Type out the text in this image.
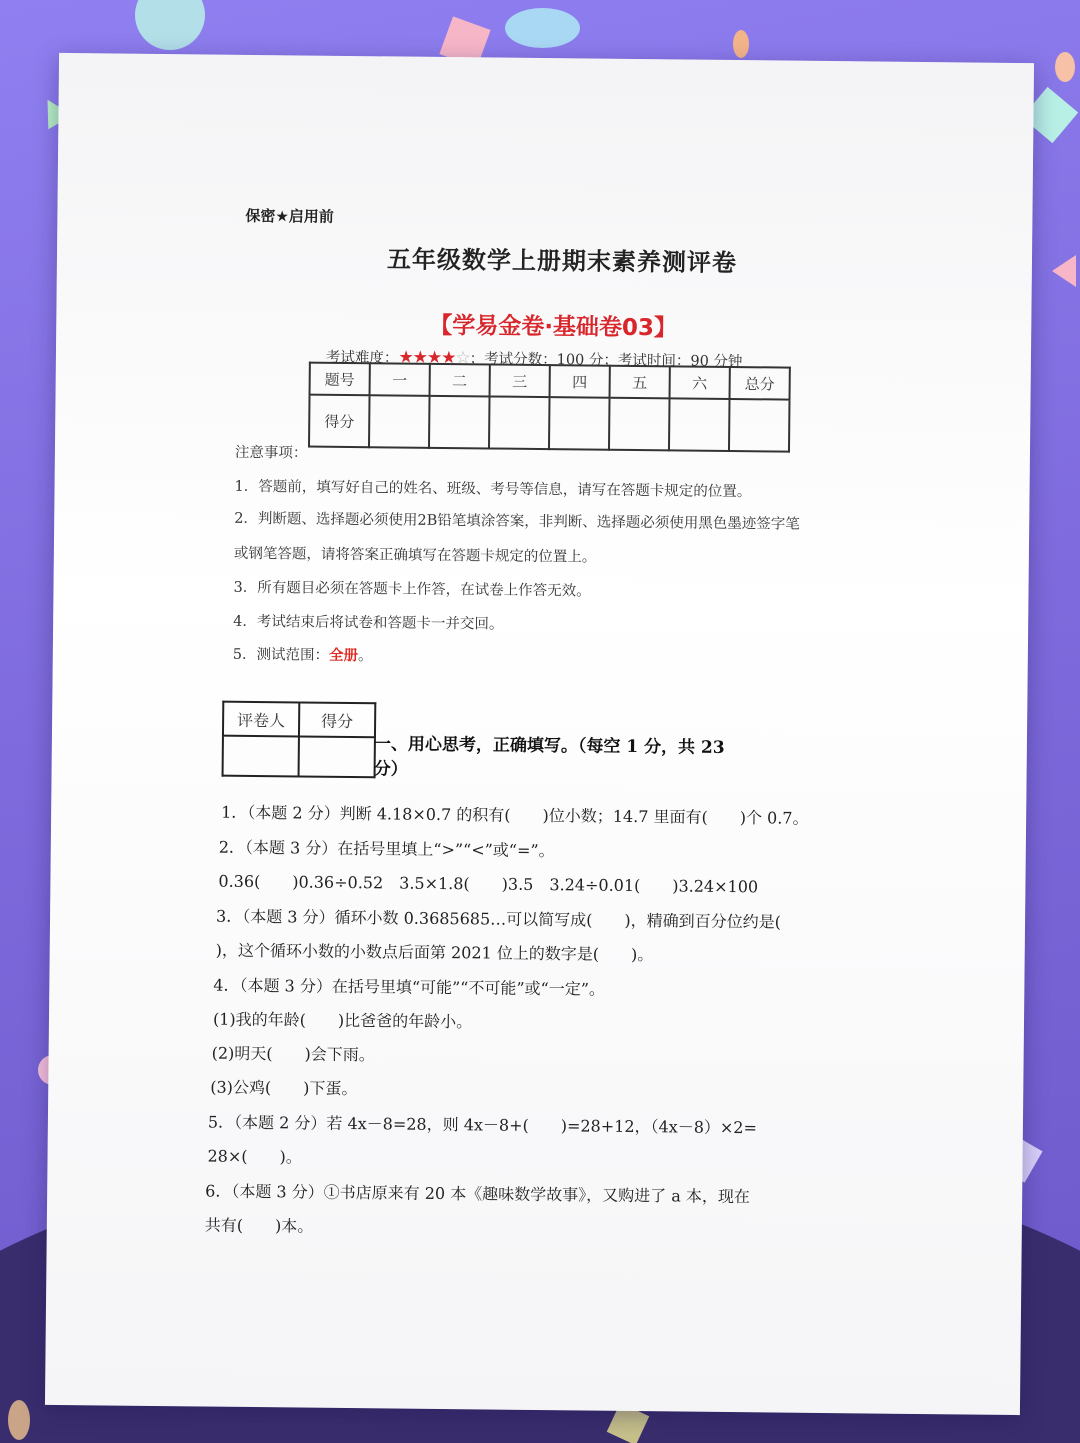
保密★启用前
五年级数学上册期末素养测评卷
【学易金卷·基础卷03】
考试难度：★★★★☆；考试分数：100 分；考试时间：90 分钟
题号	一	二	三	四	五	六	总分
得分							
注意事项：
1．答题前，填写好自己的姓名、班级、考号等信息，请写在答题卡规定的位置。
2．判断题、选择题必须使用2B铅笔填涂答案，非判断、选择题必须使用黑色墨迹签字笔
或钢笔答题，请将答案正确填写在答题卡规定的位置上。
3．所有题目必须在答题卡上作答，在试卷上作答无效。
4．考试结束后将试卷和答题卡一并交回。
5．测试范围：全册。
评卷人	得分

一、用心思考，正确填写。（每空 1 分，共 23 分）
1．（本题 2 分）判断 4.18×0.7 的积有(　　)位小数；14.7 里面有(　　)个 0.7。
2．（本题 3 分）在括号里填上“>”“<”或“=”。
0.36(　　)0.36÷0.52　3.5×1.8(　　)3.5　3.24÷0.01(　　)3.24×100
3．（本题 3 分）循环小数 0.3685685…可以简写成(　　)，精确到百分位约是(
)，这个循环小数的小数点后面第 2021 位上的数字是(　　)。
4．（本题 3 分）在括号里填“可能”“不可能”或“一定”。
(1)我的年龄(　　)比爸爸的年龄小。
(2)明天(　　)会下雨。
(3)公鸡(　　)下蛋。
5．（本题 2 分）若 4x－8=28，则 4x－8+(　　)=28+12，（4x－8）×2=
28×(　　)。
6．（本题 3 分）①书店原来有 20 本《趣味数学故事》，又购进了 a 本，现在
共有(　　)本。
